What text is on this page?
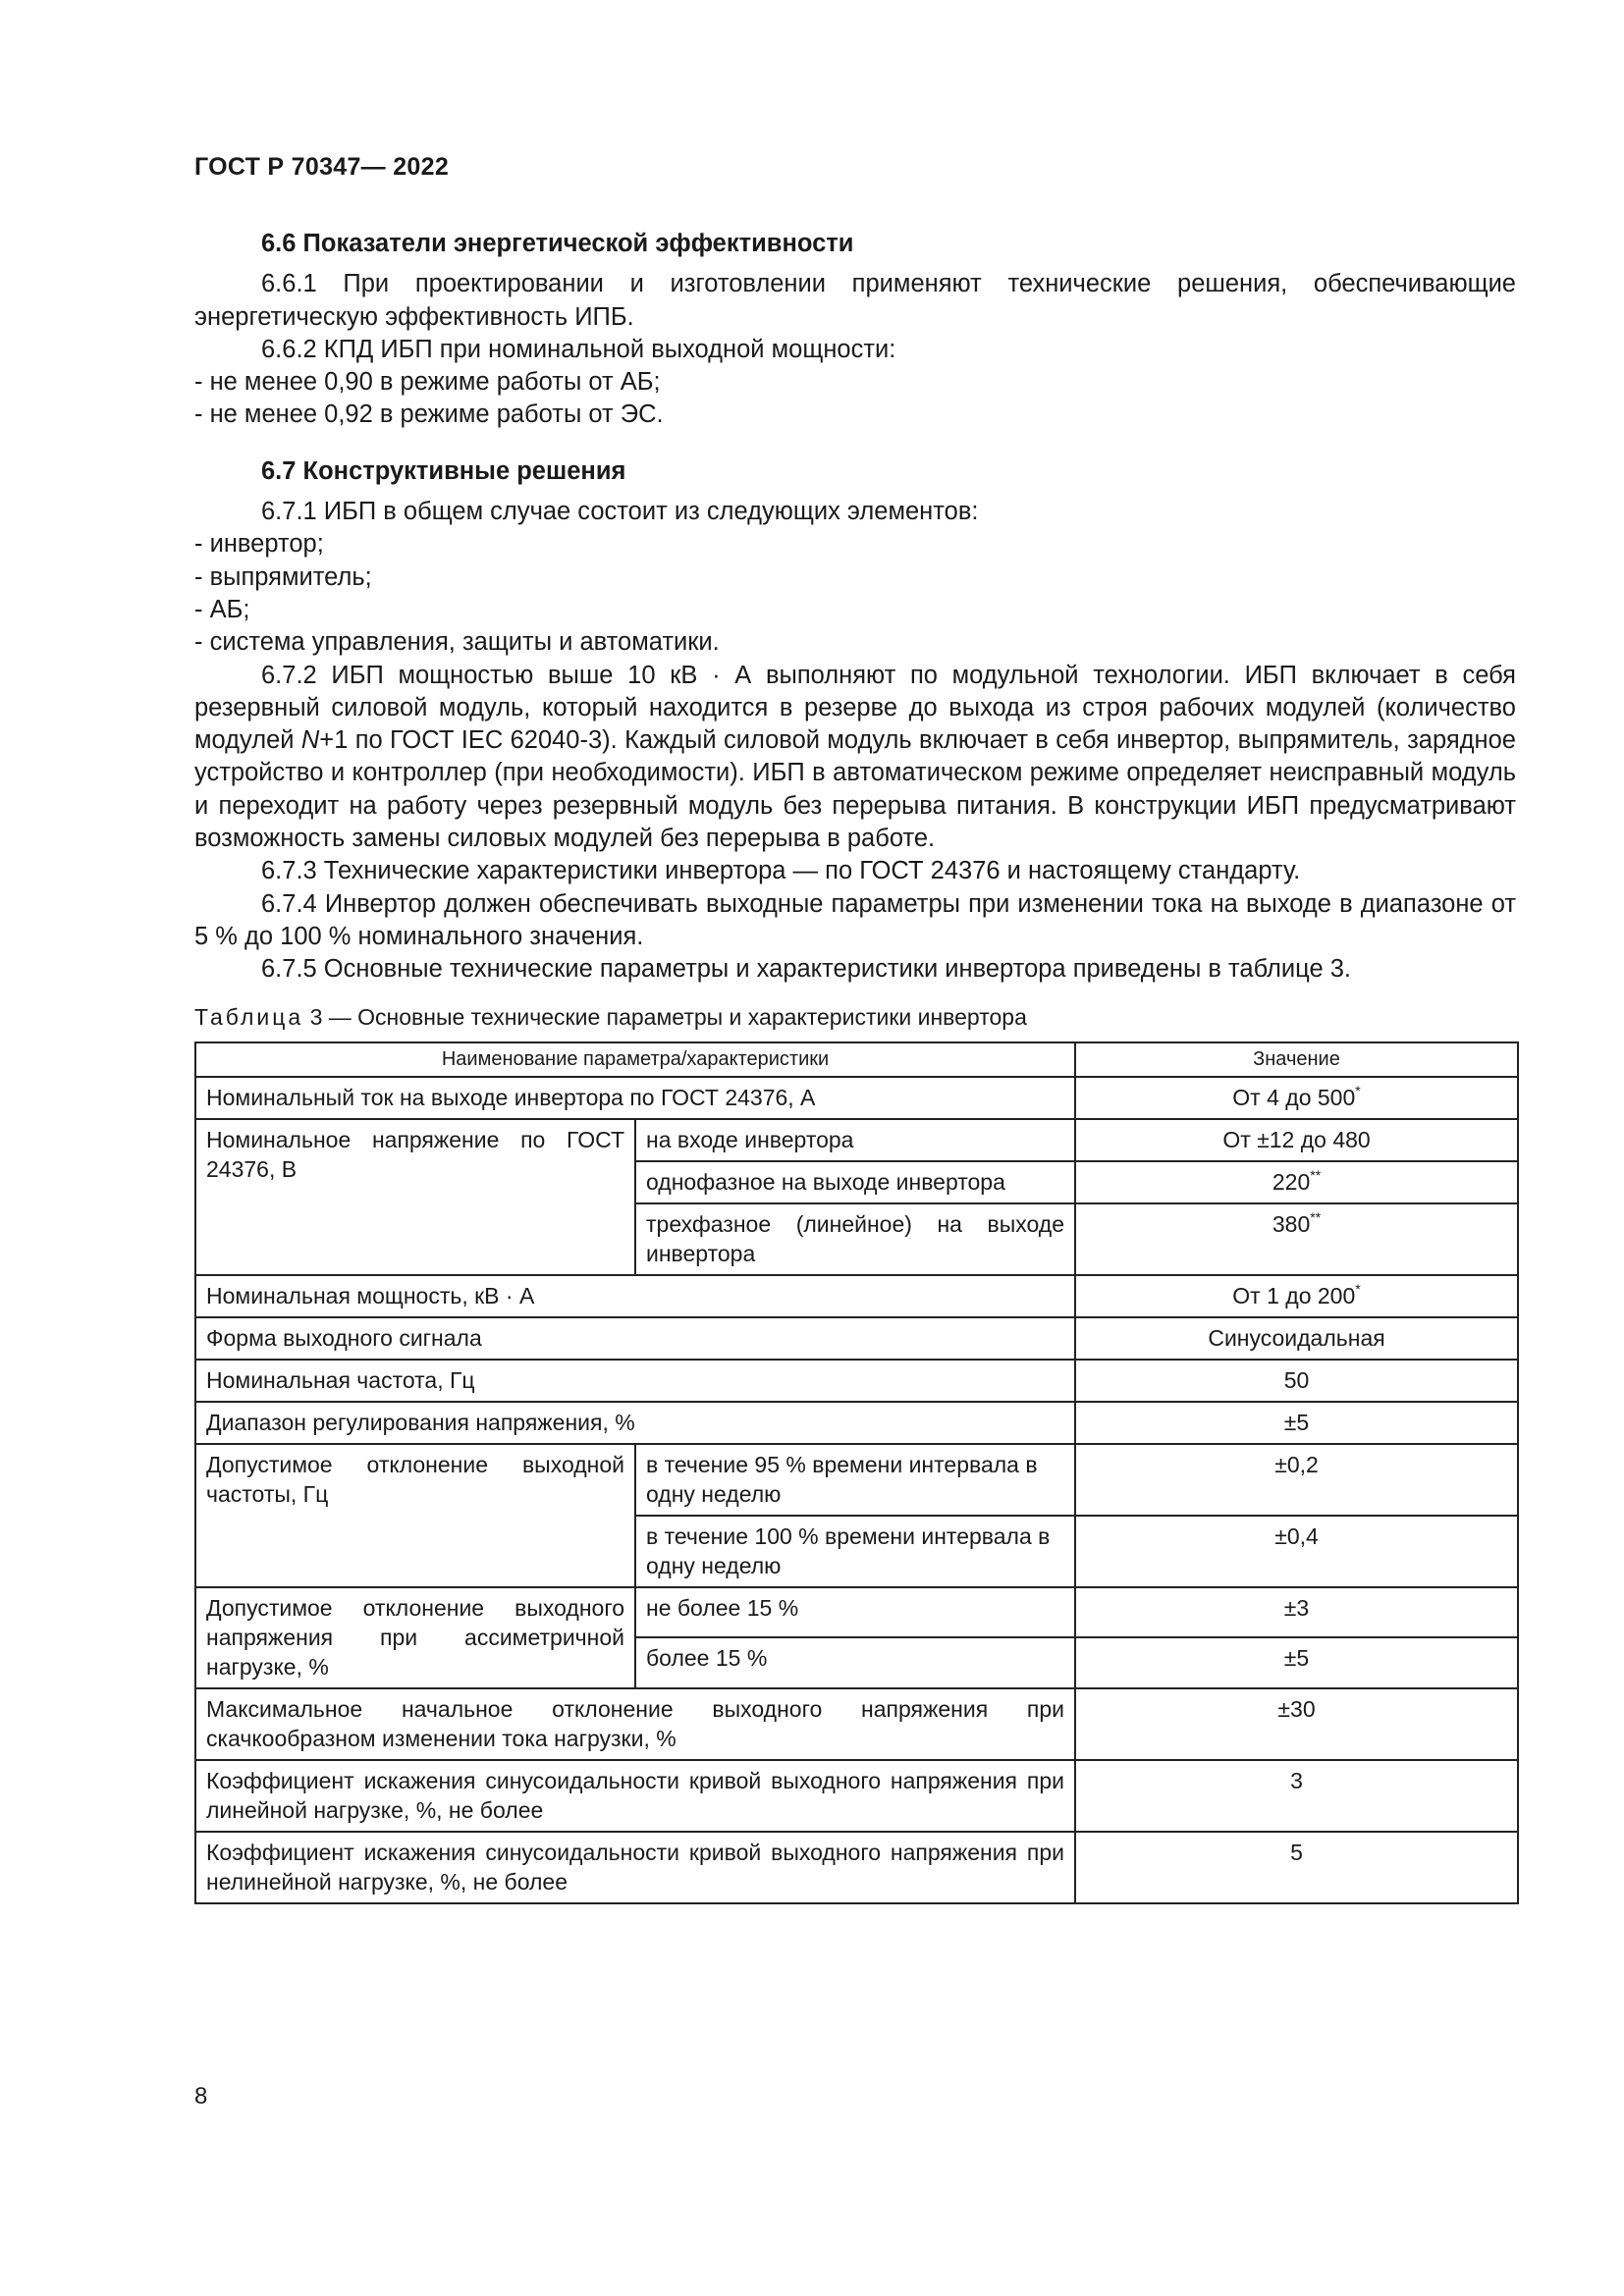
ГОСТ Р 70347— 2022

6.6 Показатели энергетической эффективности

6.6.1 При проектировании и изготовлении применяют технические решения, обеспечивающие энергетическую эффективность ИПБ.

6.6.2 КПД ИБП при номинальной выходной мощности:

- не менее 0,90 в режиме работы от АБ;
- не менее 0,92 в режиме работы от ЭС.

6.7 Конструктивные решения

6.7.1 ИБП в общем случае состоит из следующих элементов:

- инвертор;
- выпрямитель;
- АБ;
- система управления, защиты и автоматики.

6.7.2 ИБП мощностью выше 10 кВ · А выполняют по модульной технологии. ИБП включает в себя резервный силовой модуль, который находится в резерве до выхода из строя рабочих модулей (количество модулей N+1 по ГОСТ IEC 62040-3). Каждый силовой модуль включает в себя инвертор, выпрямитель, зарядное устройство и контроллер (при необходимости). ИБП в автоматическом режиме определяет неисправный модуль и переходит на работу через резервный модуль без перерыва питания. В конструкции ИБП предусматривают возможность замены силовых модулей без перерыва в работе.

6.7.3 Технические характеристики инвертора — по ГОСТ 24376 и настоящему стандарту.

6.7.4 Инвертор должен обеспечивать выходные параметры при изменении тока на выходе в диапазоне от 5 % до 100 % номинального значения.

6.7.5 Основные технические параметры и характеристики инвертора приведены в таблице 3.

Таблица 3 — Основные технические параметры и характеристики инвертора
Наименование параметра/характеристики		Значение
Номинальный ток на выходе инвертора по ГОСТ 24376, А		От 4 до 500*
Номинальное напряжение по ГОСТ 24376, В	на входе инвертора	От ±12 до 480
	однофазное на выходе инвертора	220**
	трехфазное (линейное) на выходе инвертора	380**
Номинальная мощность, кВ · А		От 1 до 200*
Форма выходного сигнала		Синусоидальная
Номинальная частота, Гц		50
Диапазон регулирования напряжения, %		±5
Допустимое отклонение выходной частоты, Гц	в течение 95 % времени интервала в одну неделю	±0,2
	в течение 100 % времени интервала в одну неделю	±0,4
Допустимое отклонение выходного напряжения при ассиметричной нагрузке, %	не более 15 %	±3
	более 15 %	±5
Максимальное начальное отклонение выходного напряжения при скачкообразном изменении тока нагрузки, %		±30
Коэффициент искажения синусоидальности кривой выходного напряжения при линейной нагрузке, %, не более		3
Коэффициент искажения синусоидальности кривой выходного напряжения при нелинейной нагрузке, %, не более		5
8
